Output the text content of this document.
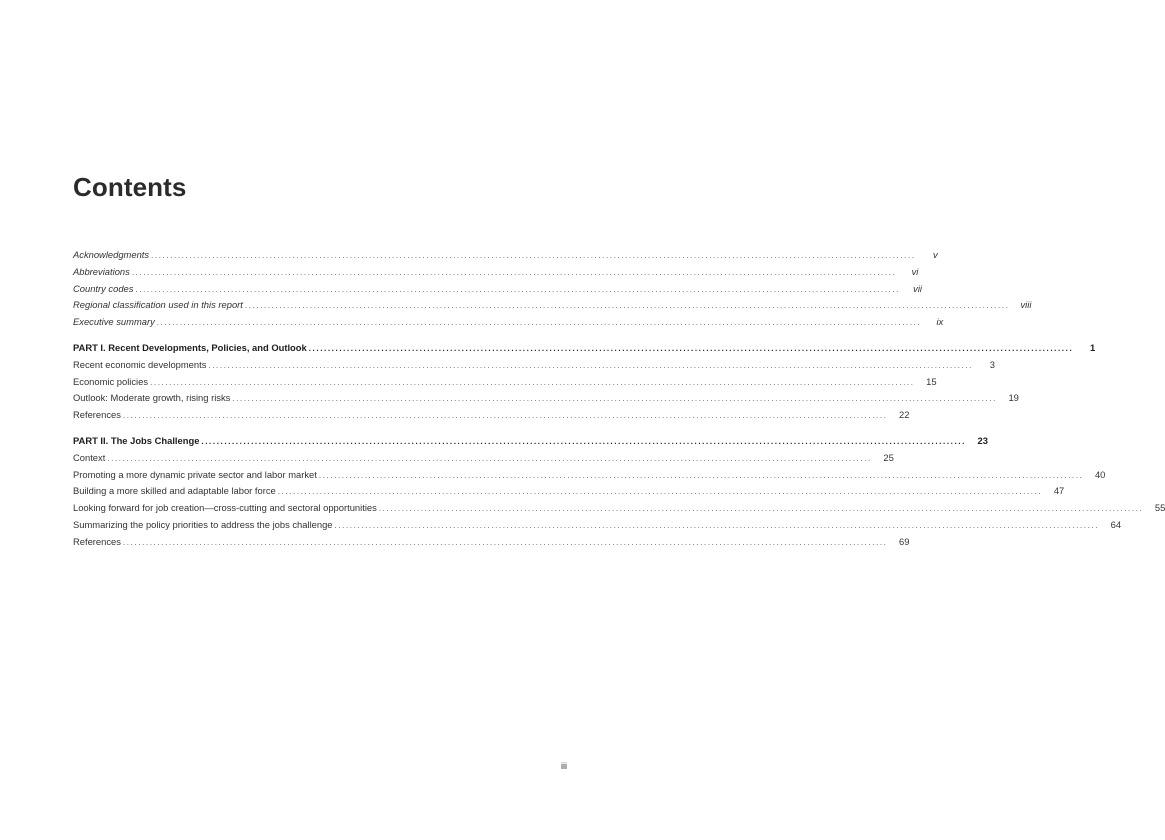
Contents
Acknowledgments ........................................................................................................................................................................................................	v
Abbreviations ........................................................................................................................................................................................................	vi
Country codes ........................................................................................................................................................................................................	vii
Regional classification used in this report ........................................................................................................................................................................................................	viii
Executive summary ........................................................................................................................................................................................................	ix
PART I. Recent Developments, Policies, and Outlook ........................................................................................................................................................................................................	1
Recent economic developments ........................................................................................................................................................................................................	3
Economic policies ........................................................................................................................................................................................................	15
Outlook: Moderate growth, rising risks ........................................................................................................................................................................................................	19
References ........................................................................................................................................................................................................	22
PART II. The Jobs Challenge ........................................................................................................................................................................................................	23
Context ........................................................................................................................................................................................................	25
Promoting a more dynamic private sector and labor market ........................................................................................................................................................................................................	40
Building a more skilled and adaptable labor force ........................................................................................................................................................................................................	47
Looking forward for job creation—cross-cutting and sectoral opportunities ........................................................................................................................................................................................................	55
Summarizing the policy priorities to address the jobs challenge ........................................................................................................................................................................................................	64
References ........................................................................................................................................................................................................	69
iii
